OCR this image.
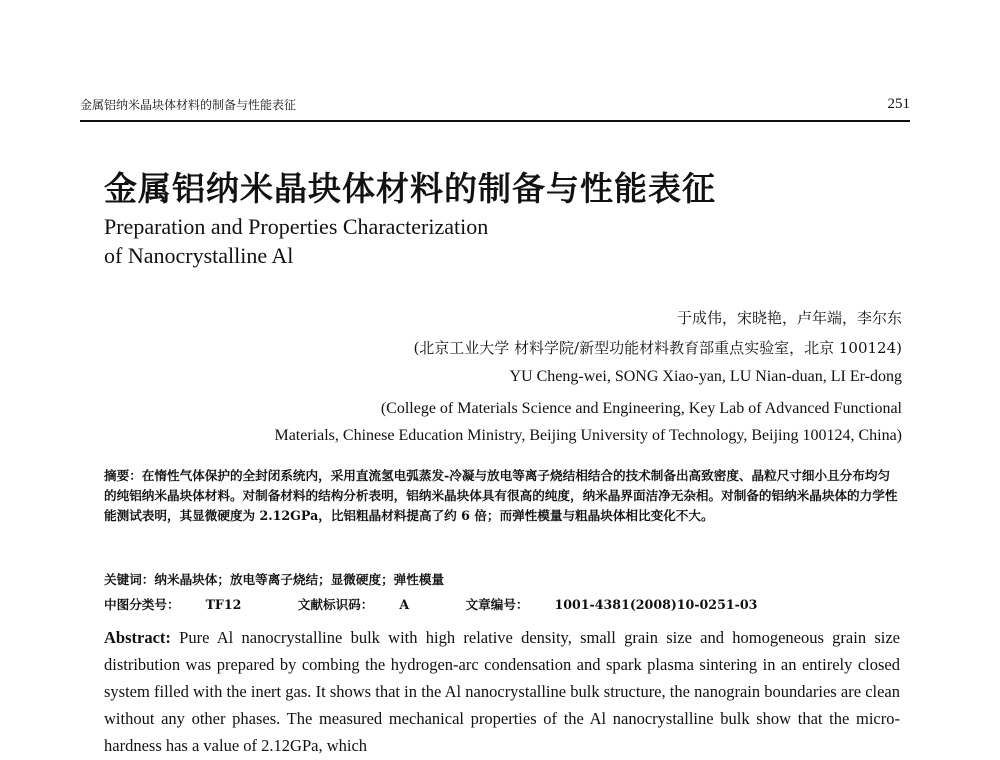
金属铝纳米晶块体材料的制备与性能表征	251
金属铝纳米晶块体材料的制备与性能表征
Preparation and Properties Characterization
of Nanocrystalline Al
于成伟，宋晓艳，卢年端，李尔东
(北京工业大学 材料学院/新型功能材料教育部重点实验室，北京 100124)
YU Cheng-wei, SONG Xiao-yan, LU Nian-duan, LI Er-dong
(College of Materials Science and Engineering, Key Lab of Advanced Functional
Materials, Chinese Education Ministry, Beijing University of Technology, Beijing 100124, China)
摘要：在惰性气体保护的全封闭系统内，采用直流氢电弧蒸发-冷凝与放电等离子烧结相结合的技术制备出高致密度、晶粒尺寸细小且分布均匀的纯铝纳米晶块体材料。对制备材料的结构分析表明，铝纳米晶块体具有很高的纯度，纳米晶界面洁净无杂相。对制备的铝纳米晶块体的力学性能测试表明，其显微硬度为 2.12GPa，比铝粗晶材料提高了约 6 倍；而弹性模量与粗晶块体相比变化不大。
关键词：纳米晶块体；放电等离子烧结；显微硬度；弹性模量
中图分类号： TF12	文献标识码： A	文章编号： 1001-4381(2008)10-0251-03
Abstract: Pure Al nanocrystalline bulk with high relative density, small grain size and homogeneous grain size distribution was prepared by combing the hydrogen-arc condensation and spark plasma sintering in an entirely closed system filled with the inert gas. It shows that in the Al nanocrystalline bulk structure, the nanograin boundaries are clean without any other phases. The measured mechanical properties of the Al nanocrystalline bulk show that the micro-hardness has a value of 2.12GPa, which
